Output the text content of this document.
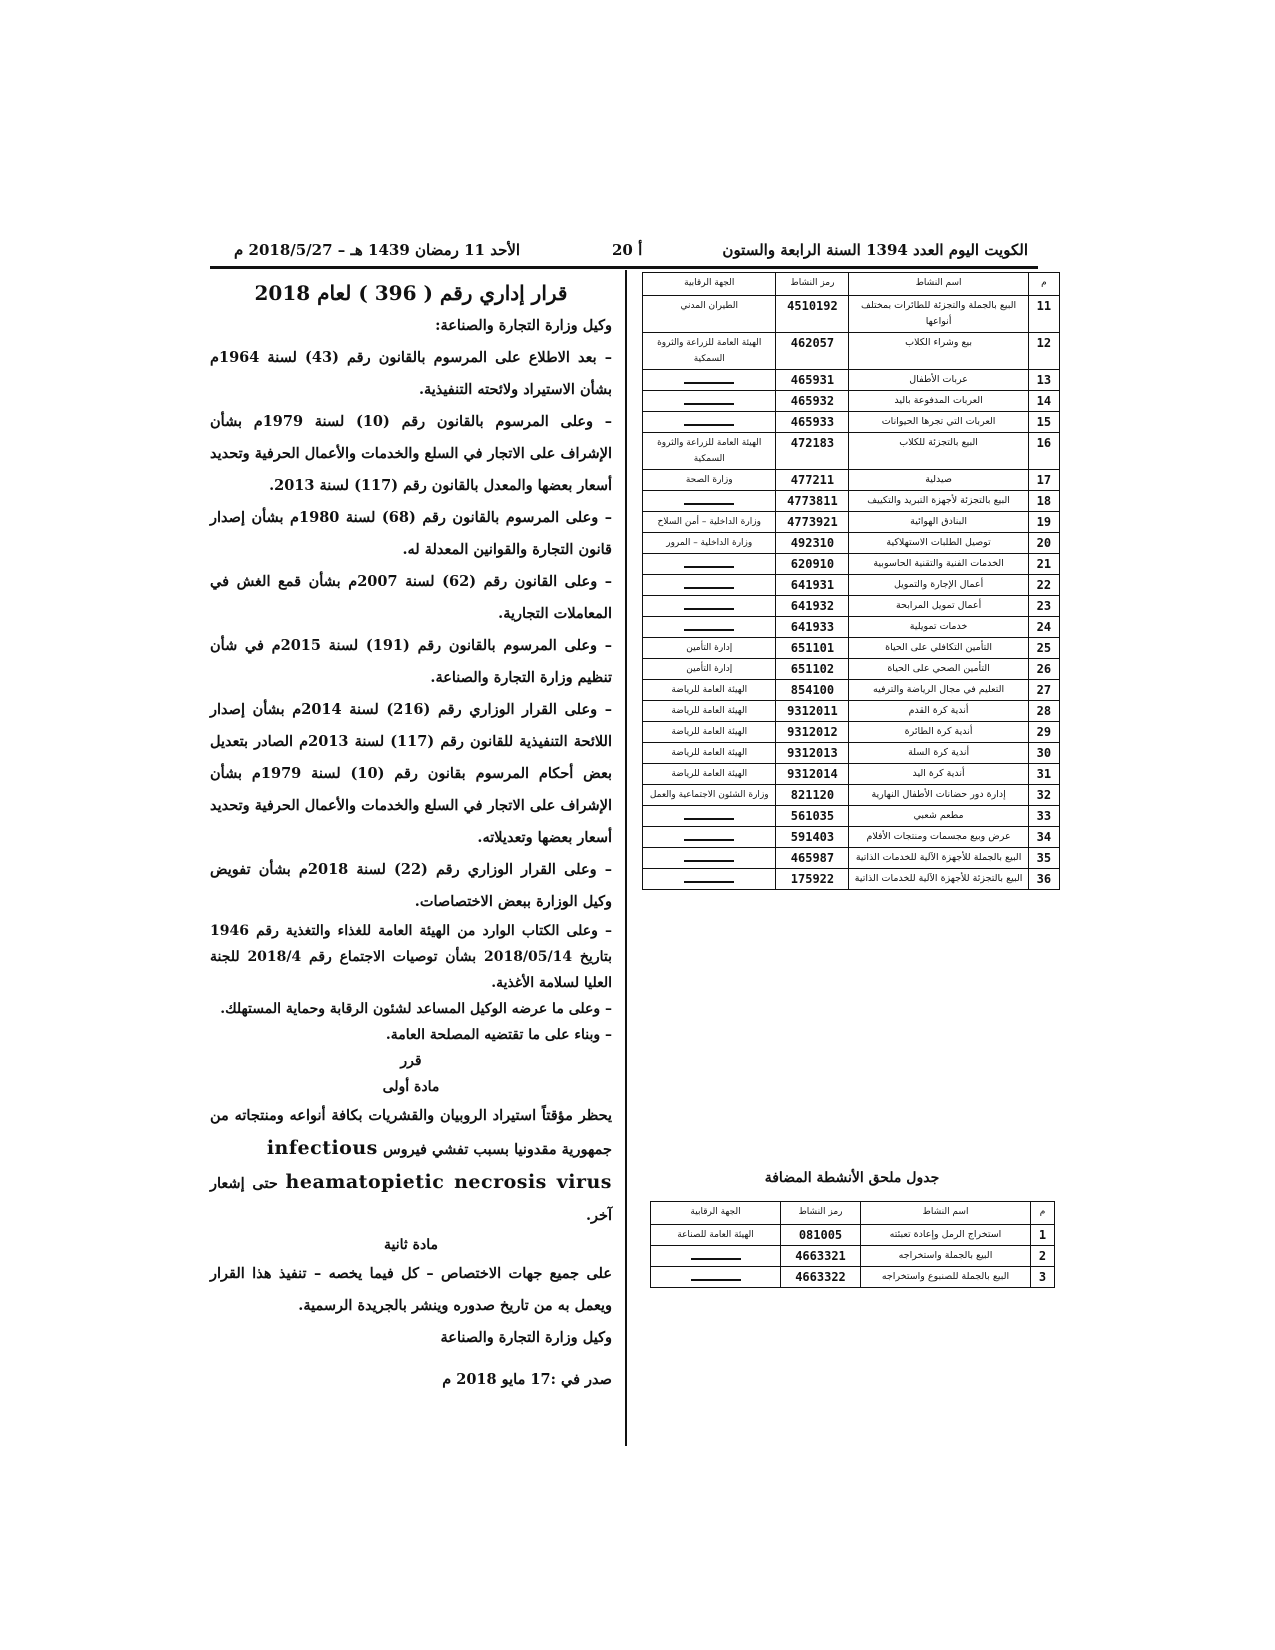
الكويت اليوم العدد 1394 السنة الرابعة والستون
أ 20
الأحد 11 رمضان 1439 هـ – 2018/5/27 م
م	اسم النشاط	رمز النشاط	الجهة الرقابية
11	البيع بالجملة والتجزئة للطائرات بمختلف أنواعها	4510192	الطيران المدني
12	بيع وشراء الكلاب	462057	الهيئة العامة للزراعة والثروة السمكية
13	عربات الأطفال	465931	
14	العربات المدفوعة باليد	465932	
15	العربات التي تجرها الحيوانات	465933	
16	البيع بالتجزئة للكلاب	472183	الهيئة العامة للزراعة والثروة السمكية
17	صيدلية	477211	وزارة الصحة
18	البيع بالتجزئة لأجهزة التبريد والتكييف	4773811	
19	البنادق الهوائية	4773921	وزارة الداخلية – أمن السلاح
20	توصيل الطلبات الاستهلاكية	492310	وزارة الداخلية – المرور
21	الخدمات الفنية والتقنية الحاسوبية	620910	
22	أعمال الإجارة والتمويل	641931	
23	أعمال تمويل المرابحة	641932	
24	خدمات تمويلية	641933	
25	التأمين التكافلي على الحياة	651101	إدارة التأمين
26	التأمين الصحي على الحياة	651102	إدارة التأمين
27	التعليم في مجال الرياضة والترفيه	854100	الهيئة العامة للرياضة
28	أندية كرة القدم	9312011	الهيئة العامة للرياضة
29	أندية كرة الطائرة	9312012	الهيئة العامة للرياضة
30	أندية كرة السلة	9312013	الهيئة العامة للرياضة
31	أندية كرة اليد	9312014	الهيئة العامة للرياضة
32	إدارة دور حضانات الأطفال النهارية	821120	وزارة الشئون الاجتماعية والعمل
33	مطعم شعبي	561035	
34	عرض وبيع مجسمات ومنتجات الأفلام	591403	
35	البيع بالجملة للأجهزة الآلية للخدمات الذاتية	465987	
36	البيع بالتجزئة للأجهزة الآلية للخدمات الذاتية	175922	
جدول ملحق الأنشطة المضافة
م	اسم النشاط	رمز النشاط	الجهة الرقابية
1	استخراج الرمل وإعادة تعبئته	081005	الهيئة العامة للصناعة
2	البيع بالجملة واستخراجه	4663321	
3	البيع بالجملة للصنبوع واستخراجه	4663322	

قرار إداري رقم ( 396 ) لعام 2018

وكيل وزارة التجارة والصناعة:

– بعد الاطلاع على المرسوم بالقانون رقم (43) لسنة 1964م بشأن الاستيراد ولائحته التنفيذية.

– وعلى المرسوم بالقانون رقم (10) لسنة 1979م بشأن الإشراف على الاتجار في السلع والخدمات والأعمال الحرفية وتحديد أسعار بعضها والمعدل بالقانون رقم (117) لسنة 2013.

– وعلى المرسوم بالقانون رقم (68) لسنة 1980م بشأن إصدار قانون التجارة والقوانين المعدلة له.

– وعلى القانون رقم (62) لسنة 2007م بشأن قمع الغش في المعاملات التجارية.

– وعلى المرسوم بالقانون رقم (191) لسنة 2015م في شأن تنظيم وزارة التجارة والصناعة.

– وعلى القرار الوزاري رقم (216) لسنة 2014م بشأن إصدار اللائحة التنفيذية للقانون رقم (117) لسنة 2013م الصادر بتعديل بعض أحكام المرسوم بقانون رقم (10) لسنة 1979م بشأن الإشراف على الاتجار في السلع والخدمات والأعمال الحرفية وتحديد أسعار بعضها وتعديلاته.

– وعلى القرار الوزاري رقم (22) لسنة 2018م بشأن تفويض وكيل الوزارة ببعض الاختصاصات.

– وعلى الكتاب الوارد من الهيئة العامة للغذاء والتغذية رقم 1946 بتاريخ 2018/05/14 بشأن توصيات الاجتماع رقم 2018/4 للجنة العليا لسلامة الأغذية.

– وعلى ما عرضه الوكيل المساعد لشئون الرقابة وحماية المستهلك.

– وبناء على ما تقتضيه المصلحة العامة.

قرر

مادة أولى

يحظر مؤقتاً استيراد الروبيان والقشريات بكافة أنواعه ومنتجاته من جمهورية مقدونيا بسبب تفشي فيروس infectious
heamatopietic necrosis virus حتى إشعار آخر.

مادة ثانية

على جميع جهات الاختصاص – كل فيما يخصه – تنفيذ هذا القرار ويعمل به من تاريخ صدوره وينشر بالجريدة الرسمية.

وكيل وزارة التجارة والصناعة

صدر في :17 مايو 2018 م
